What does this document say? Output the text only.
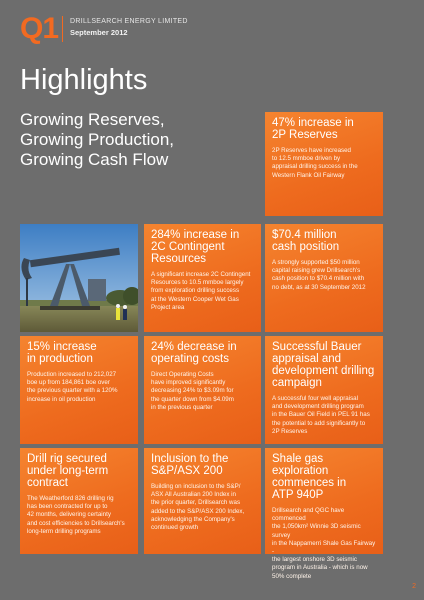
Q1 DRILLSEARCH ENERGY LIMITED
September 2012
Highlights
Growing Reserves,
Growing Production,
Growing Cash Flow
47% increase in
2P Reserves
2P Reserves have increased
to 12.5 mmboe driven by
appraisal drilling success in the
Western Flank Oil Fairway
284% increase in
2C Contingent
Resources
A significant increase 2C Contingent
Resources to 10.5 mmboe largely
from exploration drilling success
at the Western Cooper Wet Gas
Project area
$70.4 million
cash position
A strongly supported $50 million
capital raising grew Drillsearch's
cash position to $70.4 million with
no debt, as at 30 September 2012
15% increase
in production
Production increased to 212,027
boe up from 184,861 boe over
the previous quarter with a 120%
increase in oil production
24% decrease in
operating costs
Direct Operating Costs
have improved significantly
decreasing 24% to $3.09m for
the quarter down from $4.09m
in the previous quarter
Successful Bauer
appraisal and
development drilling
campaign
A successful four well appraisal
and development drilling program
in the Bauer Oil Field in PEL 91 has
the potential to add significantly to
2P Reserves
Drill rig secured
under long-term
contract
The Weatherford 826 drilling rig
has been contracted for up to
42 months, delivering certainty
and cost efficiencies to Drillsearch's
long-term drilling programs
Inclusion to the
S&P/ASX 200
Building on inclusion to the S&P/
ASX All Australian 200 Index in
the prior quarter, Drillsearch was
added to the S&P/ASX 200 Index,
acknowledging the Company's
continued growth
Shale gas exploration
commences in
ATP 940P
Drillsearch and QGC have commenced
the 1,050km² Winnie 3D seismic survey
in the Nappamerri Shale Gas Fairway -
the largest onshore 3D seismic
program in Australia - which is now
50% complete
2
